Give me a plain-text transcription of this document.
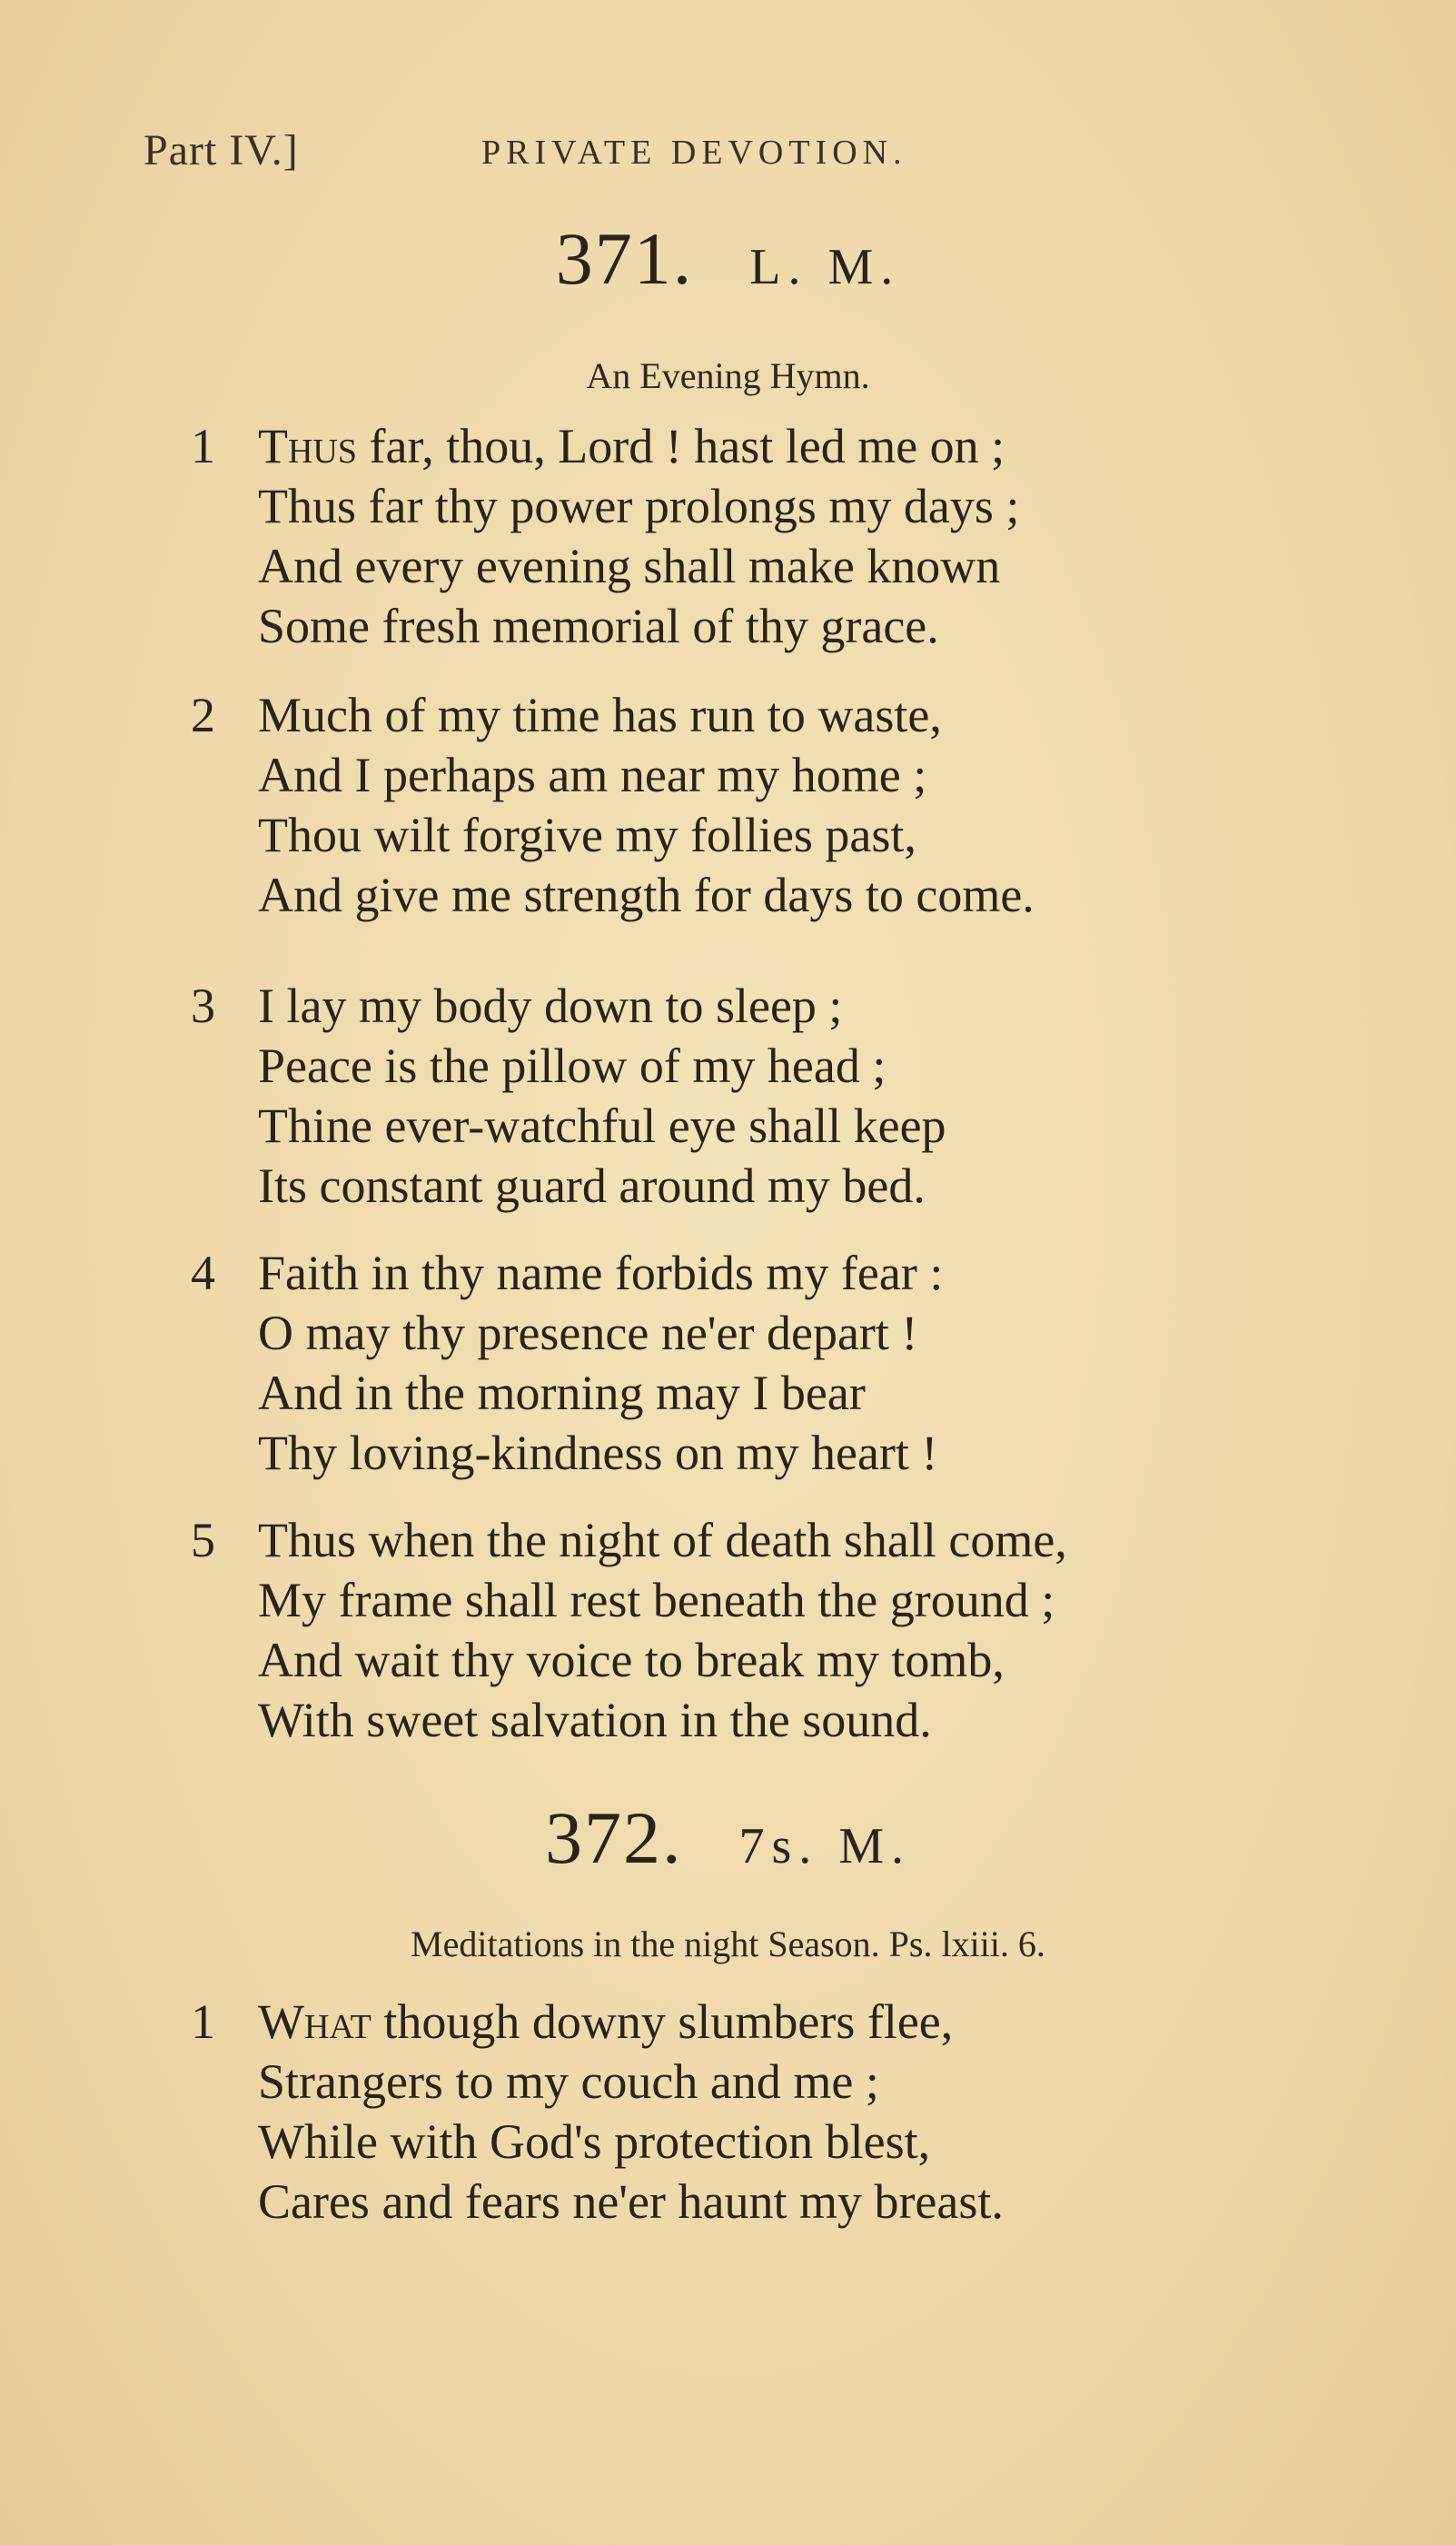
Part IV.]	PRIVATE DEVOTION.
371. L. M.
An Evening Hymn.
1 Thus far, thou, Lord ! hast led me on ;
Thus far thy power prolongs my days ;
And every evening shall make known
Some fresh memorial of thy grace.
2 Much of my time has run to waste,
And I perhaps am near my home ;
Thou wilt forgive my follies past,
And give me strength for days to come.
3 I lay my body down to sleep ;
Peace is the pillow of my head ;
Thine ever-watchful eye shall keep
Its constant guard around my bed.
4 Faith in thy name forbids my fear :
O may thy presence ne'er depart !
And in the morning may I bear
Thy loving-kindness on my heart !
5 Thus when the night of death shall come,
My frame shall rest beneath the ground ;
And wait thy voice to break my tomb,
With sweet salvation in the sound.
372. 7s. M.
Meditations in the night Season. Ps. lxiii. 6.
1 What though downy slumbers flee,
Strangers to my couch and me ;
While with God's protection blest,
Cares and fears ne'er haunt my breast.
